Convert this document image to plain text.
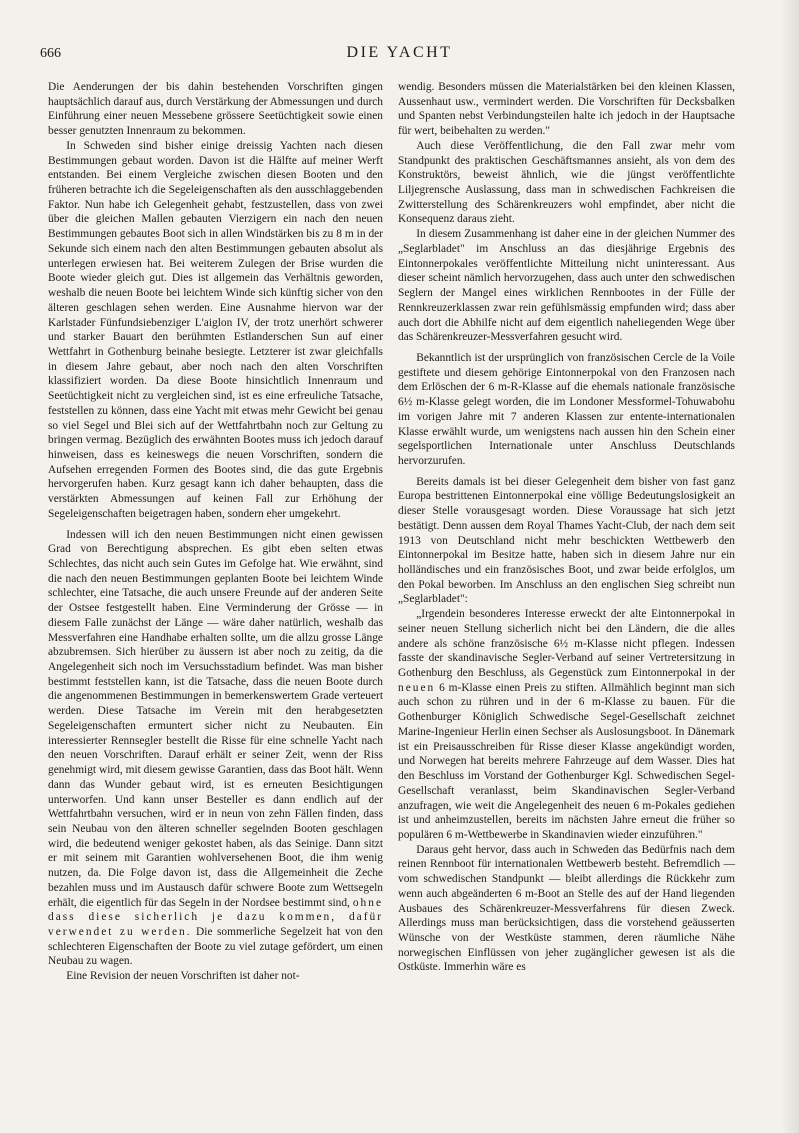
666	DIE YACHT

Die Aenderungen der bis dahin bestehenden Vorschriften gingen hauptsächlich darauf aus, durch Verstärkung der Abmessungen und durch Einführung einer neuen Messebene grössere Seetüchtigkeit sowie einen besser genutzten Innenraum zu bekommen.

In Schweden sind bisher einige dreissig Yachten nach diesen Bestimmungen gebaut worden. Davon ist die Hälfte auf meiner Werft entstanden. Bei einem Vergleiche zwischen diesen Booten und den früheren betrachte ich die Segeleigenschaften als den ausschlaggebenden Faktor. Nun habe ich Gelegenheit gehabt, festzustellen, dass von zwei über die gleichen Mallen gebauten Vierzigern ein nach den neuen Bestimmungen gebautes Boot sich in allen Windstärken bis zu 8 m in der Sekunde sich einem nach den alten Bestimmungen gebauten absolut als unterlegen erwiesen hat. Bei weiterem Zulegen der Brise wurden die Boote wieder gleich gut. Dies ist allgemein das Verhältnis geworden, weshalb die neuen Boote bei leichtem Winde sich künftig sicher von den älteren geschlagen sehen werden. Eine Ausnahme hiervon war der Karlstader Fünfundsiebenziger L'aiglon IV, der trotz unerhört schwerer und starker Bauart den berühmten Estlanderschen Sun auf einer Wettfahrt in Gothenburg beinahe besiegte. Letzterer ist zwar gleichfalls in diesem Jahre gebaut, aber noch nach den alten Vorschriften klassifiziert worden. Da diese Boote hinsichtlich Innenraum und Seetüchtigkeit nicht zu vergleichen sind, ist es eine erfreuliche Tatsache, feststellen zu können, dass eine Yacht mit etwas mehr Gewicht bei genau so viel Segel und Blei sich auf der Wettfahrtbahn noch zur Geltung zu bringen vermag. Bezüglich des erwähnten Bootes muss ich jedoch darauf hinweisen, dass es keineswegs die neuen Vorschriften, sondern die Aufsehen erregenden Formen des Bootes sind, die das gute Ergebnis hervorgerufen haben. Kurz gesagt kann ich daher behaupten, dass die verstärkten Abmessungen auf keinen Fall zur Erhöhung der Segeleigenschaften beigetragen haben, sondern eher umgekehrt.

Indessen will ich den neuen Bestimmungen nicht einen gewissen Grad von Berechtigung absprechen. Es gibt eben selten etwas Schlechtes, das nicht auch sein Gutes im Gefolge hat. Wie erwähnt, sind die nach den neuen Bestimmungen geplanten Boote bei leichtem Winde schlechter, eine Tatsache, die auch unsere Freunde auf der anderen Seite der Ostsee festgestellt haben. Eine Verminderung der Grösse — in diesem Falle zunächst der Länge — wäre daher natürlich, weshalb das Messverfahren eine Handhabe erhalten sollte, um die allzu grosse Länge abzubremsen. Sich hierüber zu äussern ist aber noch zu zeitig, da die Angelegenheit sich noch im Versuchsstadium befindet. Was man bisher bestimmt feststellen kann, ist die Tatsache, dass die neuen Boote durch die angenommenen Bestimmungen in bemerkenswertem Grade verteuert werden. Diese Tatsache im Verein mit den herabgesetzten Segeleigenschaften ermuntert sicher nicht zu Neubauten. Ein interessierter Rennsegler bestellt die Risse für eine schnelle Yacht nach den neuen Vorschriften. Darauf erhält er seiner Zeit, wenn der Riss genehmigt wird, mit diesem gewisse Garantien, dass das Boot hält. Wenn dann das Wunder gebaut wird, ist es erneuten Besichtigungen unterworfen. Und kann unser Besteller es dann endlich auf der Wettfahrtbahn versuchen, wird er in neun von zehn Fällen finden, dass sein Neubau von den älteren schneller segelnden Booten geschlagen wird, die bedeutend weniger gekostet haben, als das Seinige. Dann sitzt er mit seinem mit Garantien wohlversehenen Boot, die ihm wenig nutzen, da. Die Folge davon ist, dass die Allgemeinheit die Zeche bezahlen muss und im Austausch dafür schwere Boote zum Wettsegeln erhält, die eigentlich für das Segeln in der Nordsee bestimmt sind, ohne dass diese sicherlich je dazu kommen, dafür verwendet zu werden. Die sommerliche Segelzeit hat von den schlechteren Eigenschaften der Boote zu viel zutage gefördert, um einen Neubau zu wagen.

Eine Revision der neuen Vorschriften ist daher not-

wendig. Besonders müssen die Materialstärken bei den kleinen Klassen, Aussenhaut usw., vermindert werden. Die Vorschriften für Decksbalken und Spanten nebst Verbindungsteilen halte ich jedoch in der Hauptsache für wert, beibehalten zu werden."

Auch diese Veröffentlichung, die den Fall zwar mehr vom Standpunkt des praktischen Geschäftsmannes ansieht, als von dem des Konstruktörs, beweist ähnlich, wie die jüngst veröffentlichte Liljegrensche Auslassung, dass man in schwedischen Fachkreisen die Zwitterstellung des Schärenkreuzers wohl empfindet, aber nicht die Konsequenz daraus zieht.

In diesem Zusammenhang ist daher eine in der gleichen Nummer des „Seglarbladet" im Anschluss an das diesjährige Ergebnis des Eintonnerpokales veröffentlichte Mitteilung nicht uninteressant. Aus dieser scheint nämlich hervorzugehen, dass auch unter den schwedischen Seglern der Mangel eines wirklichen Rennbootes in der Fülle der Rennkreuzerklassen zwar rein gefühlsmässig empfunden wird; dass aber auch dort die Abhilfe nicht auf dem eigentlich naheliegenden Wege über das Schärenkreuzer-Messverfahren gesucht wird.

Bekanntlich ist der ursprünglich von französischen Cercle de la Voile gestiftete und diesem gehörige Eintonnerpokal von den Franzosen nach dem Erlöschen der 6 m-R-Klasse auf die ehemals nationale französische 6½ m-Klasse gelegt worden, die im Londoner Messformel-Tohuwabohu im vorigen Jahre mit 7 anderen Klassen zur entente-internationalen Klasse erwählt wurde, um wenigstens nach aussen hin den Schein einer segelsportlichen Internationale unter Anschluss Deutschlands hervorzurufen.

Bereits damals ist bei dieser Gelegenheit dem bisher von fast ganz Europa bestrittenen Eintonnerpokal eine völlige Bedeutungslosigkeit an dieser Stelle vorausgesagt worden. Diese Voraussage hat sich jetzt bestätigt. Denn aussen dem Royal Thames Yacht-Club, der nach dem seit 1913 von Deutschland nicht mehr beschickten Wettbewerb den Eintonnerpokal im Besitze hatte, haben sich in diesem Jahre nur ein holländisches und ein französisches Boot, und zwar beide erfolglos, um den Pokal beworben. Im Anschluss an den englischen Sieg schreibt nun „Seglarbladet":

„Irgendein besonderes Interesse erweckt der alte Eintonnerpokal in seiner neuen Stellung sicherlich nicht bei den Ländern, die die alles andere als schöne französische 6½ m-Klasse nicht pflegen. Indessen fasste der skandinavische Segler-Verband auf seiner Vertretersitzung in Gothenburg den Beschluss, als Gegenstück zum Eintonnerpokal in der neuen 6 m-Klasse einen Preis zu stiften. Allmählich beginnt man sich auch schon zu rühren und in der 6 m-Klasse zu bauen. Für die Gothenburger Königlich Schwedische Segel-Gesellschaft zeichnet Marine-Ingenieur Herlin einen Sechser als Auslosungsboot. In Dänemark ist ein Preisausschreiben für Risse dieser Klasse angekündigt worden, und Norwegen hat bereits mehrere Fahrzeuge auf dem Wasser. Dies hat den Beschluss im Vorstand der Gothenburger Kgl. Schwedischen Segel-Gesellschaft veranlasst, beim Skandinavischen Segler-Verband anzufragen, wie weit die Angelegenheit des neuen 6 m-Pokales gediehen ist und anheimzustellen, bereits im nächsten Jahre erneut die früher so populären 6 m-Wettbewerbe in Skandinavien wieder einzuführen."

Daraus geht hervor, dass auch in Schweden das Bedürfnis nach dem reinen Rennboot für internationalen Wettbewerb besteht. Befremdlich — vom schwedischen Standpunkt — bleibt allerdings die Rückkehr zum wenn auch abgeänderten 6 m-Boot an Stelle des auf der Hand liegenden Ausbaues des Schärenkreuzer-Messverfahrens für diesen Zweck. Allerdings muss man berücksichtigen, dass die vorstehend geäusserten Wünsche von der Westküste stammen, deren räumliche Nähe norwegischen Einflüssen von jeher zugänglicher gewesen ist als die Ostküste. Immerhin wäre es
